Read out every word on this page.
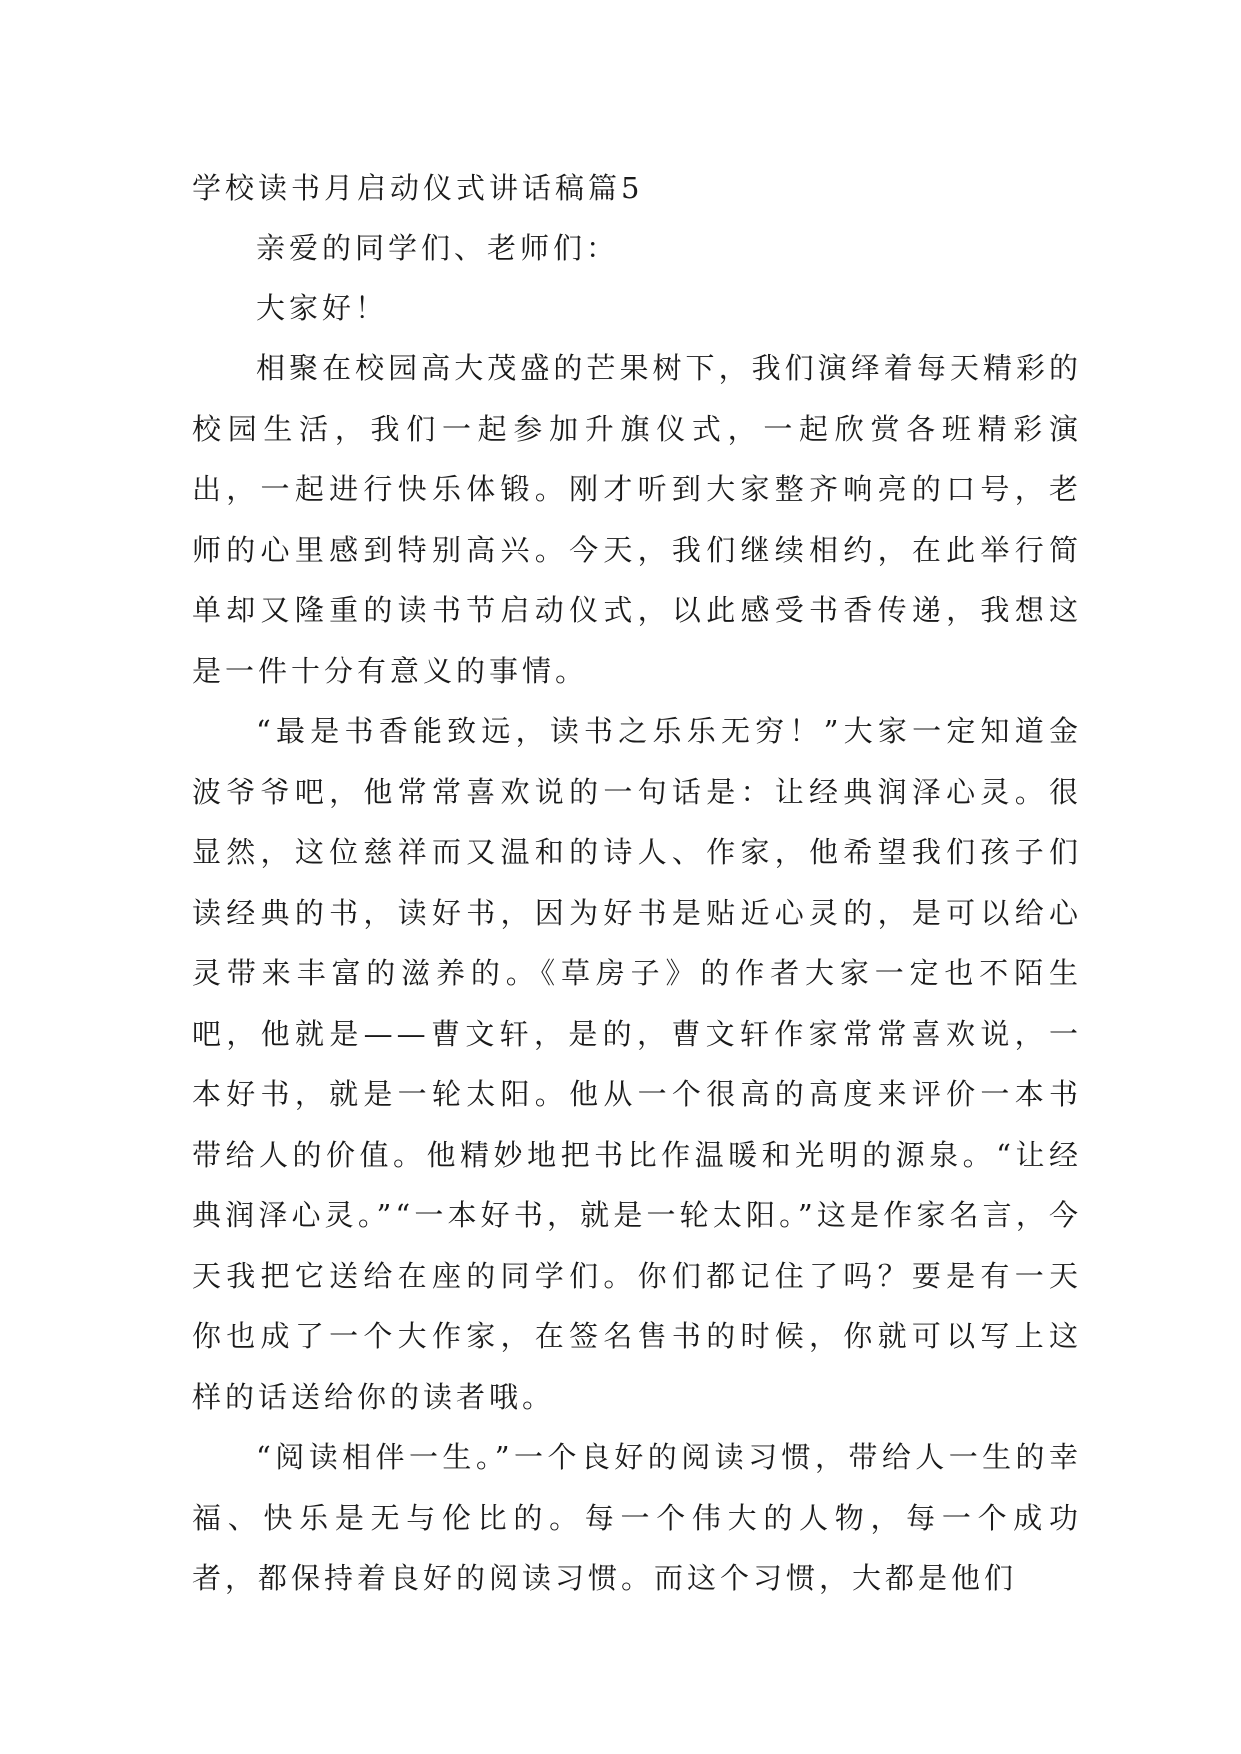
学校读书月启动仪式讲话稿篇5

亲爱的同学们、老师们：

大家好！

相聚在校园高大茂盛的芒果树下，我们演绎着每天精彩的校园生活，我们一起参加升旗仪式，一起欣赏各班精彩演出，一起进行快乐体锻。刚才听到大家整齐响亮的口号，老师的心里感到特别高兴。今天，我们继续相约，在此举行简单却又隆重的读书节启动仪式，以此感受书香传递，我想这是一件十分有意义的事情。

“最是书香能致远，读书之乐乐无穷！”大家一定知道金波爷爷吧，他常常喜欢说的一句话是：让经典润泽心灵。很显然，这位慈祥而又温和的诗人、作家，他希望我们孩子们读经典的书，读好书，因为好书是贴近心灵的，是可以给心灵带来丰富的滋养的。《草房子》的作者大家一定也不陌生吧，他就是——曹文轩，是的，曹文轩作家常常喜欢说，一本好书，就是一轮太阳。他从一个很高的高度来评价一本书带给人的价值。他精妙地把书比作温暖和光明的源泉。“让经典润泽心灵。”“一本好书，就是一轮太阳。”这是作家名言，今天我把它送给在座的同学们。你们都记住了吗？要是有一天你也成了一个大作家，在签名售书的时候，你就可以写上这样的话送给你的读者哦。

“阅读相伴一生。”一个良好的阅读习惯，带给人一生的幸福、快乐是无与伦比的。每一个伟大的人物，每一个成功者，都保持着良好的阅读习惯。而这个习惯，大都是他们
